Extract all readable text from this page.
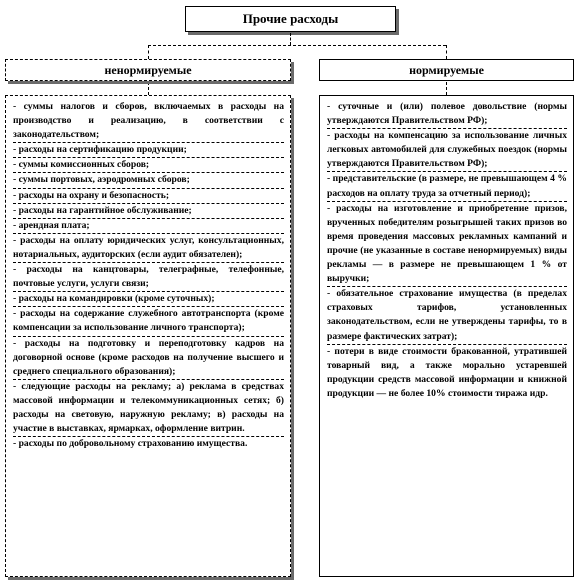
Прочие расходы
ненормируемые	нормируемые

- суммы налогов и сборов, включаемых в расходы на производство и реализацию, в соответствии с законодательством;

- расходы на сертификацию продукции;

- суммы комиссионных сборов;

- суммы портовых, аэродромных сборов;

- расходы на охрану и безопасность;

- расходы на гарантийное обслуживание;

- арендная плата;

- расходы на оплату юридических услуг, консультационных, нотариальных, аудиторских (если аудит обязателен);

- расходы на канцтовары, телеграфные, телефонные, почтовые услуги, услуги связи;

- расходы на командировки (кроме суточных);

- расходы на содержание служебного автотранспорта (кроме компенсации за использование личного транспорта);

- расходы на подготовку и переподготовку кадров на договорной основе (кроме расходов на получение высшего и среднего специального образования);

- следующие расходы на рекламу; а) реклама в средствах массовой информации и телекоммуникационных сетях; б) расходы на световую, наружную рекламу; в) расходы на участие в выставках, ярмарках, оформление витрин.

- расходы по добровольному страхованию имущества.

- суточные и (или) полевое довольствие (нормы утверждаются Правительством РФ);

- расходы на компенсацию за использование личных легковых автомобилей для служебных поездок (нормы утверждаются Правительством РФ);

- представительские (в размере, не превышающем 4 % расходов на оплату труда за отчетный период);

- расходы на изготовление и приобретение призов, врученных победителям розыгрышей таких призов во время проведения массовых рекламных кампаний и прочие (не указанные в составе ненормируемых) виды рекламы — в размере не превышающем 1 % от выручки;

- обязательное страхование имущества (в пределах страховых тарифов, установленных законодательством, если не утверждены тарифы, то в размере фактических затрат);

- потери в виде стоимости бракованной, утратившей товарный вид, а также морально устаревшей продукции средств массовой информации и книжной продукции — не более 10% стоимости тиража идр.
